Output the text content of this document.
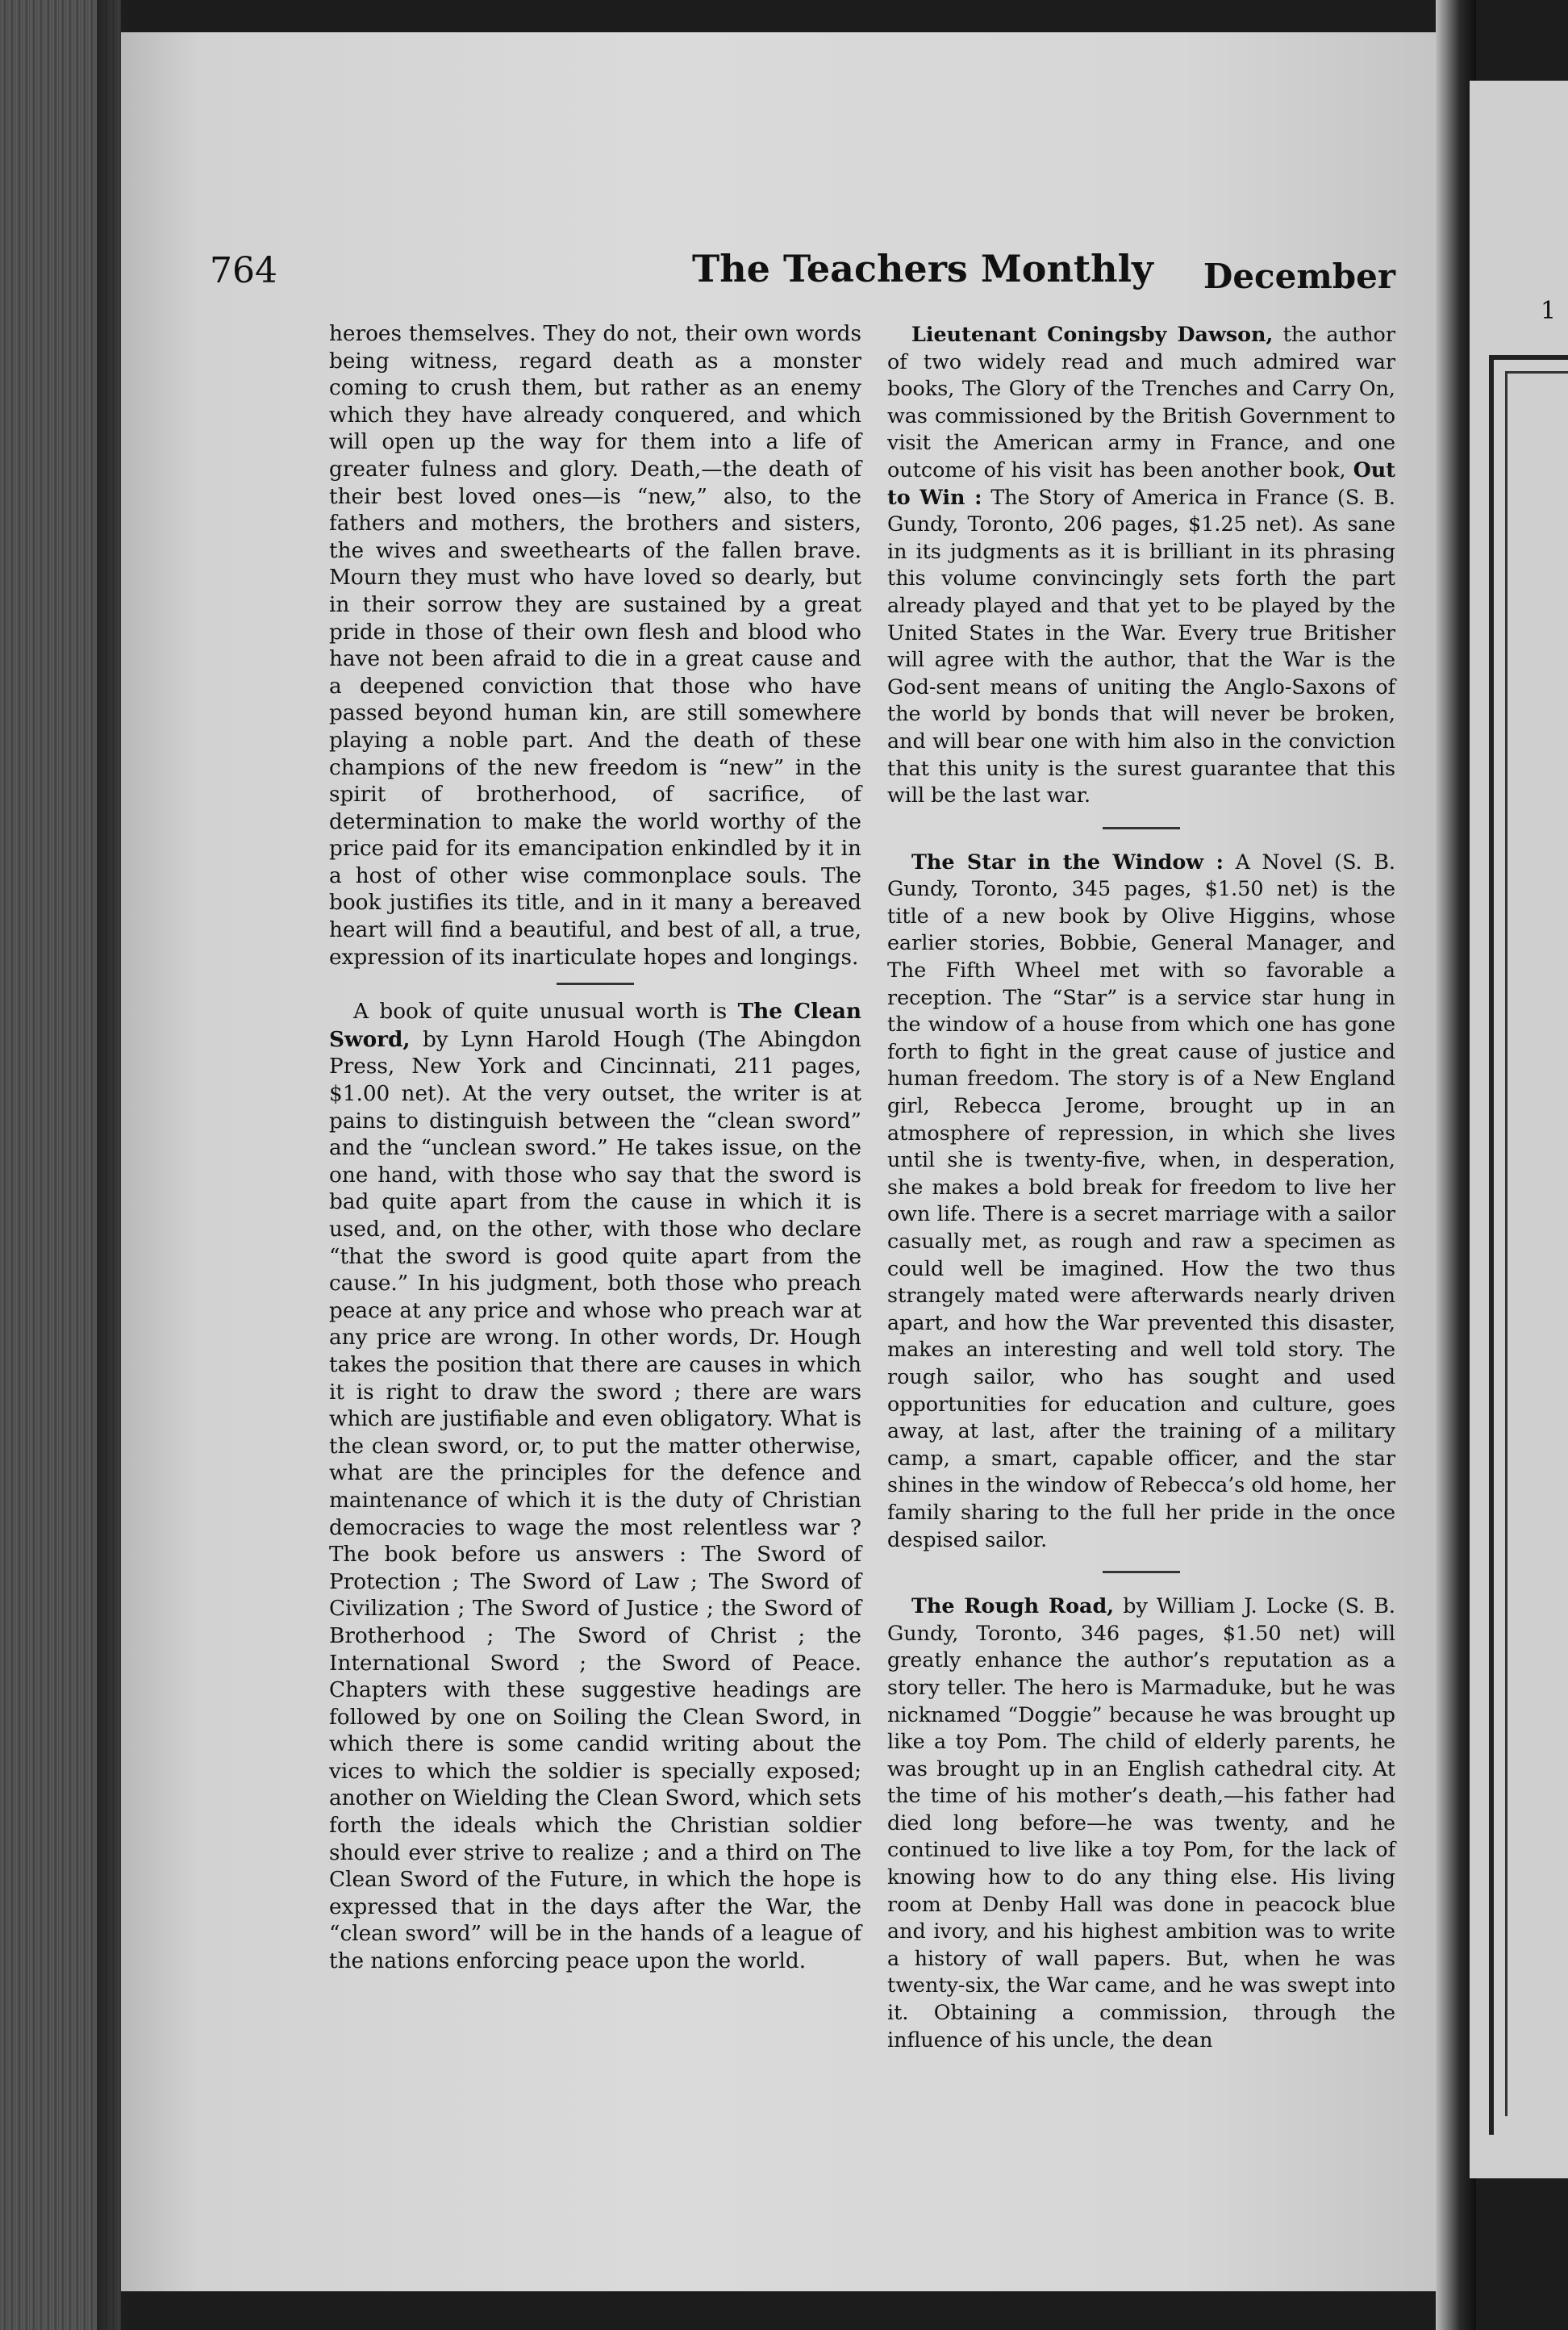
1
764	The Teachers Monthly December

heroes themselves. They do not, their own words being witness, regard death as a monster coming to crush them, but rather as an enemy which they have already conquered, and which will open up the way for them into a life of greater fulness and glory. Death,—the death of their best loved ones—is “new,” also, to the fathers and mothers, the brothers and sisters, the wives and sweethearts of the fallen brave. Mourn they must who have loved so dearly, but in their sorrow they are sustained by a great pride in those of their own flesh and blood who have not been afraid to die in a great cause and a deepened conviction that those who have passed beyond human kin, are still somewhere playing a noble part. And the death of these champions of the new freedom is “new” in the spirit of brotherhood, of sacrifice, of determination to make the world worthy of the price paid for its emancipation enkindled by it in a host of other wise commonplace souls. The book justifies its title, and in it many a bereaved heart will find a beautiful, and best of all, a true, expression of its inarticulate hopes and longings.

A book of quite unusual worth is The Clean Sword, by Lynn Harold Hough (The Abingdon Press, New York and Cincinnati, 211 pages, $1.00 net). At the very outset, the writer is at pains to distinguish between the “clean sword” and the “unclean sword.” He takes issue, on the one hand, with those who say that the sword is bad quite apart from the cause in which it is used, and, on the other, with those who declare “that the sword is good quite apart from the cause.” In his judgment, both those who preach peace at any price and whose who preach war at any price are wrong. In other words, Dr. Hough takes the position that there are causes in which it is right to draw the sword ; there are wars which are justifiable and even obligatory. What is the clean sword, or, to put the matter otherwise, what are the principles for the defence and maintenance of which it is the duty of Christian democracies to wage the most relentless war ? The book before us answers : The Sword of Protection ; The Sword of Law ; The Sword of Civilization ; The Sword of Justice ; the Sword of Brotherhood ; The Sword of Christ ; the International Sword ; the Sword of Peace. Chapters with these suggestive headings are followed by one on Soiling the Clean Sword, in which there is some candid writing about the vices to which the soldier is specially exposed; another on Wielding the Clean Sword, which sets forth the ideals which the Christian soldier should ever strive to realize ; and a third on The Clean Sword of the Future, in which the hope is expressed that in the days after the War, the “clean sword” will be in the hands of a league of the nations enforcing peace upon the world.

Lieutenant Coningsby Dawson, the author of two widely read and much admired war books, The Glory of the Trenches and Carry On, was commissioned by the British Government to visit the American army in France, and one outcome of his visit has been another book, Out to Win : The Story of America in France (S. B. Gundy, Toronto, 206 pages, $1.25 net). As sane in its judgments as it is brilliant in its phrasing this volume convincingly sets forth the part already played and that yet to be played by the United States in the War. Every true Britisher will agree with the author, that the War is the God-sent means of uniting the Anglo-Saxons of the world by bonds that will never be broken, and will bear one with him also in the conviction that this unity is the surest guarantee that this will be the last war.

The Star in the Window : A Novel (S. B. Gundy, Toronto, 345 pages, $1.50 net) is the title of a new book by Olive Higgins, whose earlier stories, Bobbie, General Manager, and The Fifth Wheel met with so favorable a reception. The “Star” is a service star hung in the window of a house from which one has gone forth to fight in the great cause of justice and human freedom. The story is of a New England girl, Rebecca Jerome, brought up in an atmosphere of repression, in which she lives until she is twenty-five, when, in desperation, she makes a bold break for freedom to live her own life. There is a secret marriage with a sailor casually met, as rough and raw a specimen as could well be imagined. How the two thus strangely mated were afterwards nearly driven apart, and how the War prevented this disaster, makes an interesting and well told story. The rough sailor, who has sought and used opportunities for education and culture, goes away, at last, after the training of a military camp, a smart, capable officer, and the star shines in the window of Rebecca’s old home, her family sharing to the full her pride in the once despised sailor.

The Rough Road, by William J. Locke (S. B. Gundy, Toronto, 346 pages, $1.50 net) will greatly enhance the author’s reputation as a story teller. The hero is Marmaduke, but he was nicknamed “Doggie” because he was brought up like a toy Pom. The child of elderly parents, he was brought up in an English cathedral city. At the time of his mother’s death,—his father had died long before—he was twenty, and he continued to live like a toy Pom, for the lack of knowing how to do any thing else. His living room at Denby Hall was done in peacock blue and ivory, and his highest ambition was to write a history of wall papers. But, when he was twenty-six, the War came, and he was swept into it. Obtaining a commission, through the influence of his uncle, the dean
